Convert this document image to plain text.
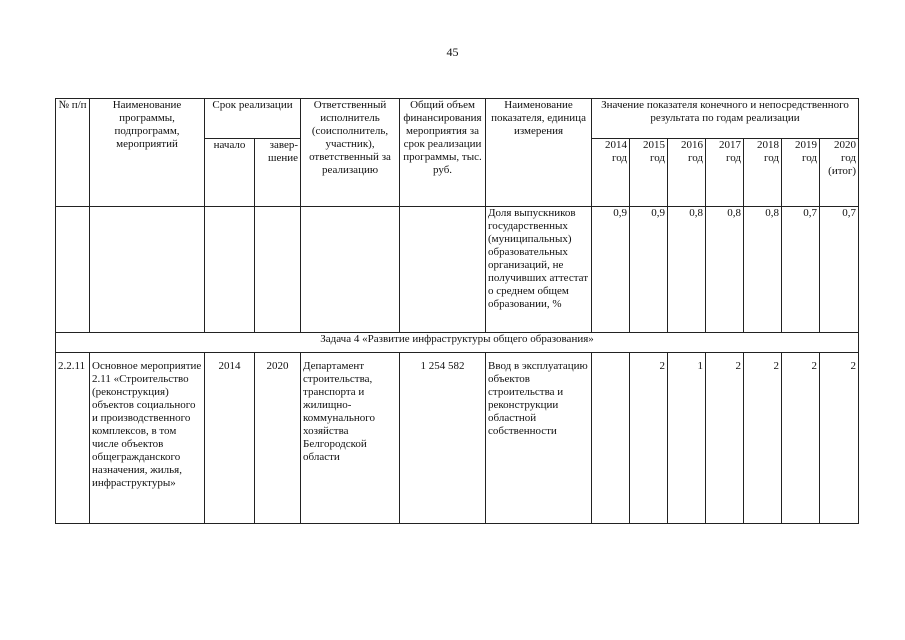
45
№ п/п	Наименование программы, подпрограмм, мероприятий	Срок реализации		Ответственный исполнитель (соисполнитель, участник), ответственный за реализацию	Общий объем финансирования мероприятия за срок реализации программы, тыс. руб.	Наименование показателя, единица измерения	Значение показателя конечного и непосредственного результата по годам реализации						
		начало	завер-шение				2014 год	2015 год	2016 год	2017 год	2018 год	2019 год	2020 год (итог)
						Доля выпускников государственных (муниципальных) образовательных организаций, не получивших аттестат о среднем общем образовании, %	0,9	0,9	0,8	0,8	0,8	0,7	0,7
Задача 4 «Развитие инфраструктуры общего образования»													

2.2.11	Основное мероприятие 2.11 «Строительство (реконструкция) объектов социального и производственного комплексов, в том числе объектов общегражданского назначения, жилья, инфраструктуры»	2014	2020	Департамент строительства, транспорта и жилищно-коммунального хозяйства Белгородской области	1 254 582	Ввод в эксплуатацию объектов строительства и реконструкции областной собственности		2	1	2	2	2	2
